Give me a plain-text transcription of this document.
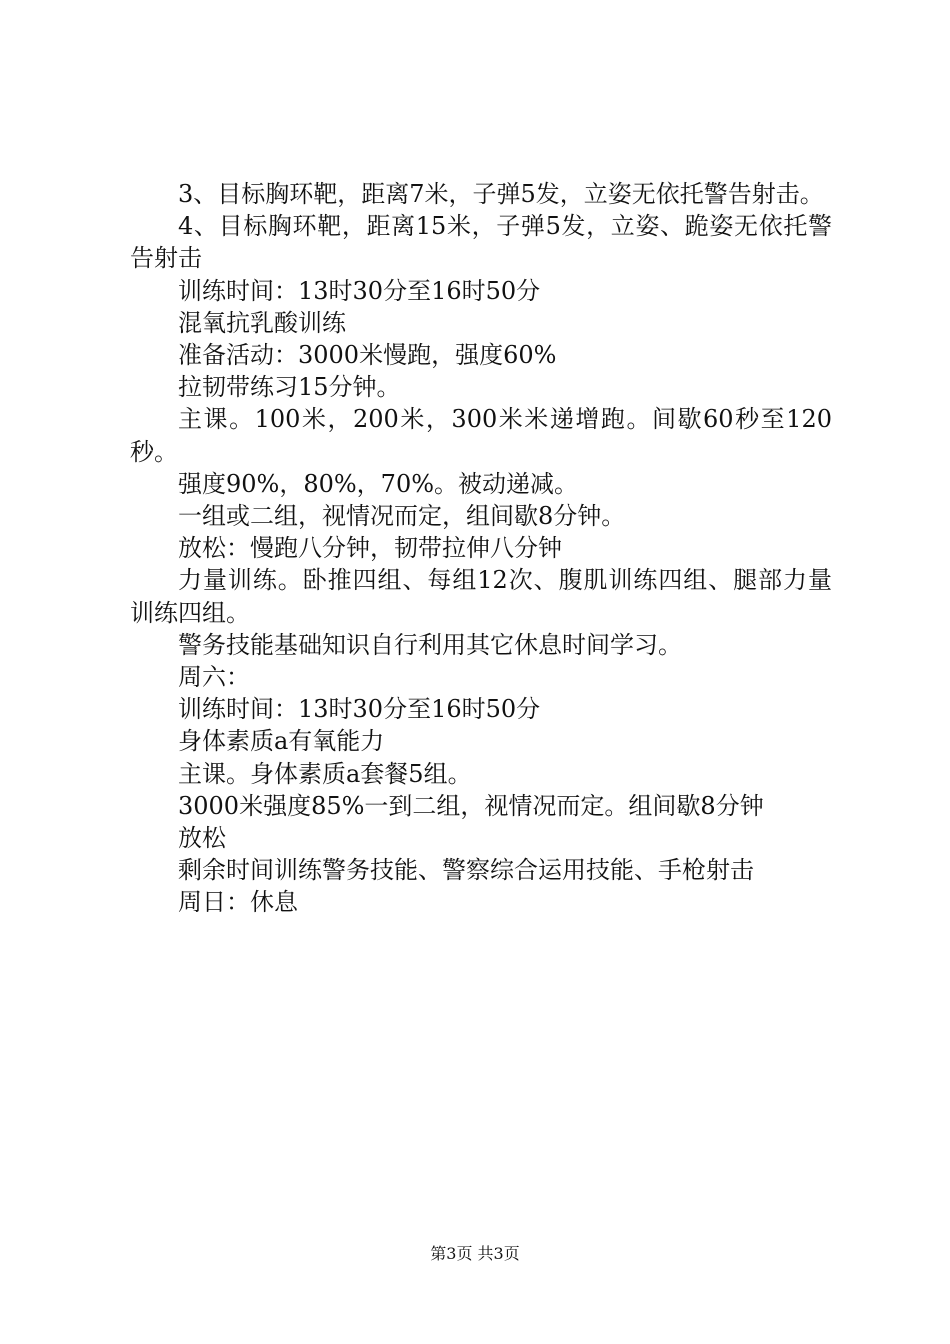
3、目标胸环靶，距离7米，子弹5发，立姿无依托警告射击。

4、目标胸环靶，距离15米，子弹5发，立姿、跪姿无依托警告射击

训练时间：13时30分至16时50分

混氧抗乳酸训练

准备活动：3000米慢跑，强度60%

拉韧带练习15分钟。

主课。100米，200米，300米米递增跑。间歇60秒至120秒。

强度90%，80%，70%。被动递减。

一组或二组，视情况而定，组间歇8分钟。

放松：慢跑八分钟，韧带拉伸八分钟

力量训练。卧推四组、每组12次、腹肌训练四组、腿部力量训练四组。

警务技能基础知识自行利用其它休息时间学习。

周六：

训练时间：13时30分至16时50分

身体素质a有氧能力

主课。身体素质a套餐5组。

3000米强度85%一到二组，视情况而定。组间歇8分钟

放松

剩余时间训练警务技能、警察综合运用技能、手枪射击

周日：休息

第3页 共3页
